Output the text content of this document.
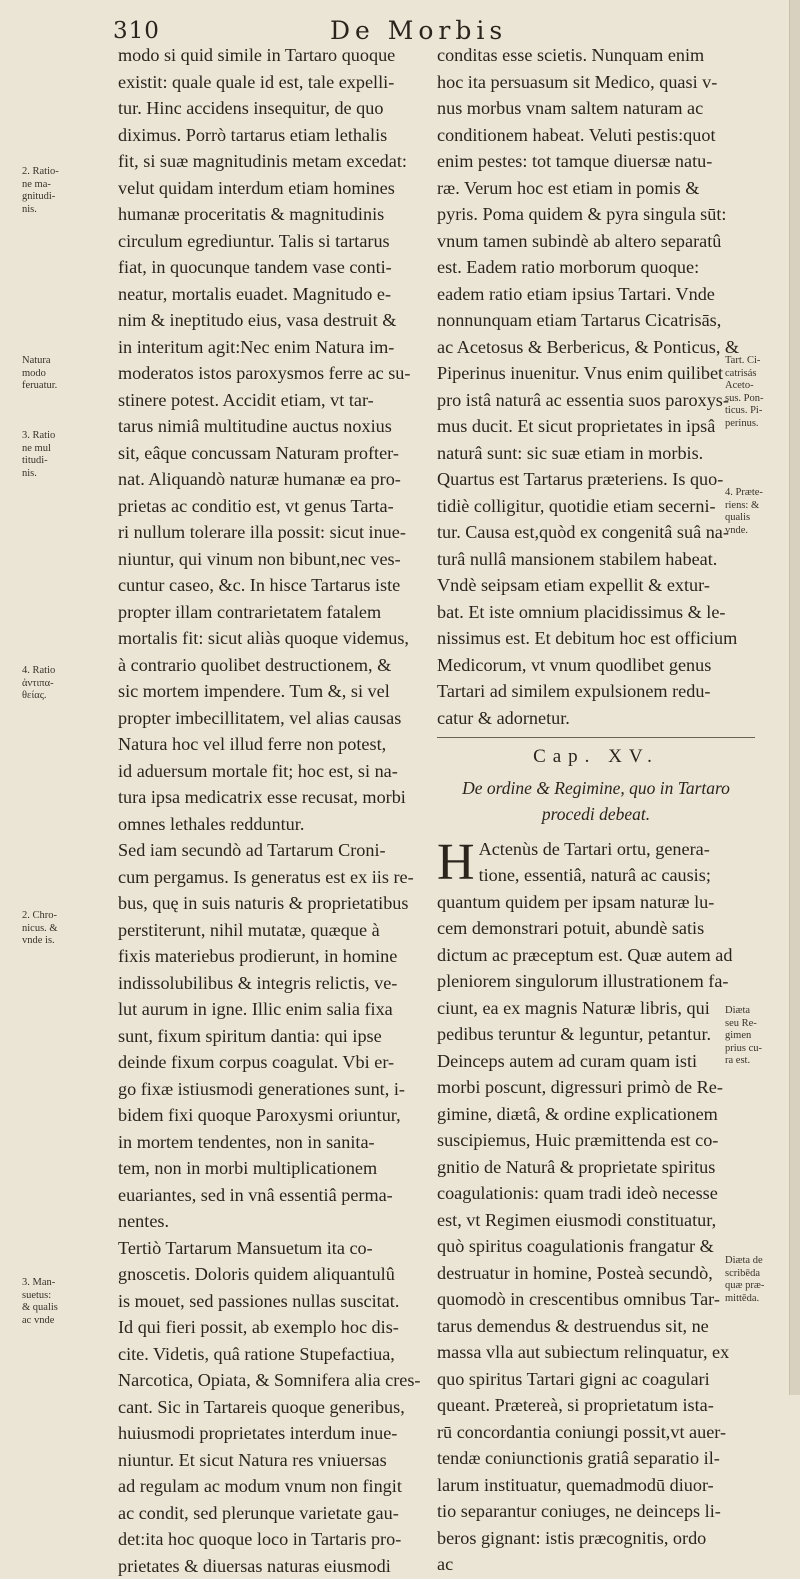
310	De Morbis
modo si quid simile in Tartaro quoque
existit: quale quale id est, tale expelli-
tur. Hinc accidens insequitur, de quo
diximus. Porrò tartarus etiam lethalis
fit, si suæ magnitudinis metam excedat:
velut quidam interdum etiam homines
humanæ proceritatis & magnitudinis
circulum egrediuntur. Talis si tartarus
fiat, in quocunque tandem vase conti-
neatur, mortalis euadet. Magnitudo e-
nim & ineptitudo eius, vasa destruit &
in interitum agit:Nec enim Natura im-
moderatos istos paroxysmos ferre ac su-
stinere potest. Accidit etiam, vt tar-
tarus nimiâ multitudine auctus noxius
sit, eâque concussam Naturam profter-
nat. Aliquandò naturæ humanæ ea pro-
prietas ac conditio est, vt genus Tarta-
ri nullum tolerare illa possit: sicut inue-
niuntur, qui vinum non bibunt,nec ves-
cuntur caseo, &c. In hisce Tartarus iste
propter illam contrarietatem fatalem
mortalis fit: sicut aliàs quoque videmus,
à contrario quolibet destructionem, &
sic mortem impendere. Tum &, si vel
propter imbecillitatem, vel alias causas
Natura hoc vel illud ferre non potest,
id aduersum mortale fit; hoc est, si na-
tura ipsa medicatrix esse recusat, morbi
omnes lethales redduntur.
Sed iam secundò ad Tartarum Croni-
cum pergamus. Is generatus est ex iis re-
bus, quę in suis naturis & proprietatibus
perstiterunt, nihil mutatæ, quæque à
fixis materiebus prodierunt, in homine
indissolubilibus & integris relictis, ve-
lut aurum in igne. Illic enim salia fixa
sunt, fixum spiritum dantia: qui ipse
deinde fixum corpus coagulat. Vbi er-
go fixæ istiusmodi generationes sunt, i-
bidem fixi quoque Paroxysmi oriuntur,
in mortem tendentes, non in sanita-
tem, non in morbi multiplicationem
euariantes, sed in vnâ essentiâ perma-
nentes.
Tertiò Tartarum Mansuetum ita co-
gnoscetis. Doloris quidem aliquantulû
is mouet, sed passiones nullas suscitat.
Id qui fieri possit, ab exemplo hoc dis-
cite. Videtis, quâ ratione Stupefactiua,
Narcotica, Opiata, & Somnifera alia cres-
cant. Sic in Tartareis quoque generibus,
huiusmodi proprietates interdum inue-
niuntur. Et sicut Natura res vniuersas
ad regulam ac modum vnum non fingit
ac condit, sed plerunque varietate gau-
det:ita hoc quoque loco in Tartaris pro-
prietates & diuersas naturas eiusmodi
conditas esse scietis. Nunquam enim
hoc ita persuasum sit Medico, quasi v-
nus morbus vnam saltem naturam ac
conditionem habeat. Veluti pestis:quot
enim pestes: tot tamque diuersæ natu-
ræ. Verum hoc est etiam in pomis &
pyris. Poma quidem & pyra singula sūt:
vnum tamen subindè ab altero separatû
est. Eadem ratio morborum quoque:
eadem ratio etiam ipsius Tartari. Vnde
nonnunquam etiam Tartarus Cicatrisās,
ac Acetosus & Berbericus, & Ponticus, &
Piperinus inuenitur. Vnus enim quilibet
pro istâ naturâ ac essentia suos paroxys-
mus ducit. Et sicut proprietates in ipsâ
naturâ sunt: sic suæ etiam in morbis.
Quartus est Tartarus præteriens. Is quo-
tidiè colligitur, quotidie etiam secerni-
tur. Causa est,quòd ex congenitâ suâ na-
turâ nullâ mansionem stabilem habeat.
Vndè seipsam etiam expellit & extur-
bat. Et iste omnium placidissimus & le-
nissimus est. Et debitum hoc est officium
Medicorum, vt vnum quodlibet genus
Tartari ad similem expulsionem redu-
catur & adornetur.
Cap. XV.
De ordine & Regimine, quo in Tartaro
procedi debeat.
H Actenùs de Tartari ortu, genera-
tione, essentiâ, naturâ ac causis;
quantum quidem per ipsam naturæ lu-
cem demonstrari potuit, abundè satis
dictum ac præceptum est. Quæ autem ad
pleniorem singulorum illustrationem fa-
ciunt, ea ex magnis Naturæ libris, qui
pedibus teruntur & leguntur, petantur.
Deinceps autem ad curam quam isti
morbi poscunt, digressuri primò de Re-
gimine, diætâ, & ordine explicationem
suscipiemus, Huic præmittenda est co-
gnitio de Naturâ & proprietate spiritus
coagulationis: quam tradi ideò necesse
est, vt Regimen eiusmodi constituatur,
quò spiritus coagulationis frangatur &
destruatur in homine, Posteà secundò,
quomodò in crescentibus omnibus Tar-
tarus demendus & destruendus sit, ne
massa vlla aut subiectum relinquatur, ex
quo spiritus Tartari gigni ac coagulari
queant. Prætereà, si proprietatum ista-
rū concordantia coniungi possit,vt auer-
tendæ coniunctionis gratiâ separatio il-
larum instituatur, quemadmodū diuor-
tio separantur coniuges, ne deinceps li-
beros gignant: istis præcognitis, ordo
ac
2. Ratio-
ne ma-
gnitudi-
nis.
Natura
modo
feruatur.
3. Ratio
ne mul
titudi-
nis.
4. Ratio
ἀντιπα-
θείας.
2. Chro-
nicus. &
vnde is.
3. Man-
suetus:
& qualis
ac vnde
Tart. Ci-
catrisás
Aceto-
sus. Pon-
ticus. Pi-
perinus.
4. Præte-
riens: &
qualis
vnde.
Diæta
seu Re-
gimen
prius cu-
ra est.
Diæta de
scribēda
quæ præ-
mittēda.
